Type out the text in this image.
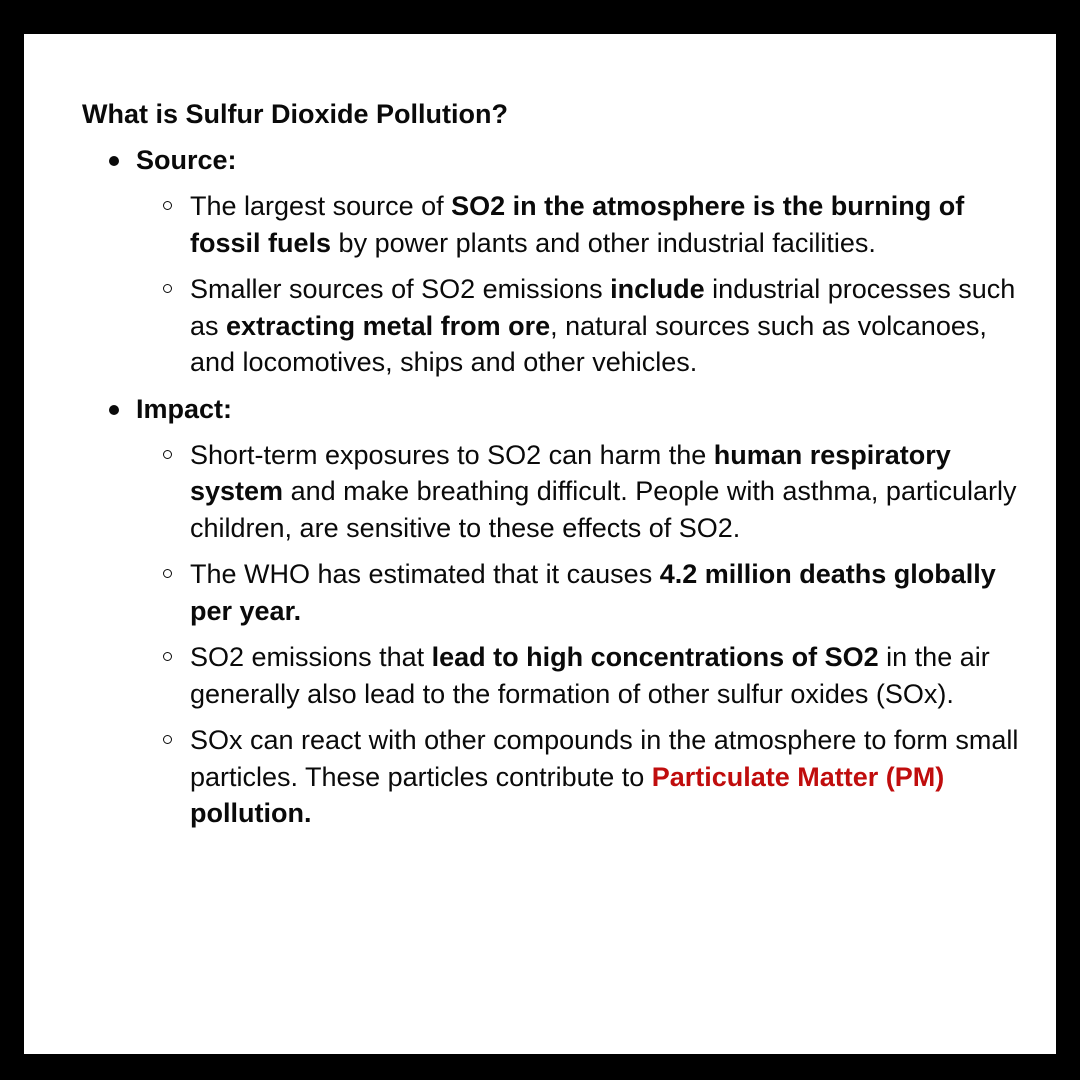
What is Sulfur Dioxide Pollution?
Source:
The largest source of SO2 in the atmosphere is the burning of fossil fuels by power plants and other industrial facilities.
Smaller sources of SO2 emissions include industrial processes such as extracting metal from ore, natural sources such as volcanoes, and locomotives, ships and other vehicles.
Impact:
Short-term exposures to SO2 can harm the human respiratory system and make breathing difficult. People with asthma, particularly children, are sensitive to these effects of SO2.
The WHO has estimated that it causes 4.2 million deaths globally per year.
SO2 emissions that lead to high concentrations of SO2 in the air generally also lead to the formation of other sulfur oxides (SOx).
SOx can react with other compounds in the atmosphere to form small particles. These particles contribute to Particulate Matter (PM) pollution.
